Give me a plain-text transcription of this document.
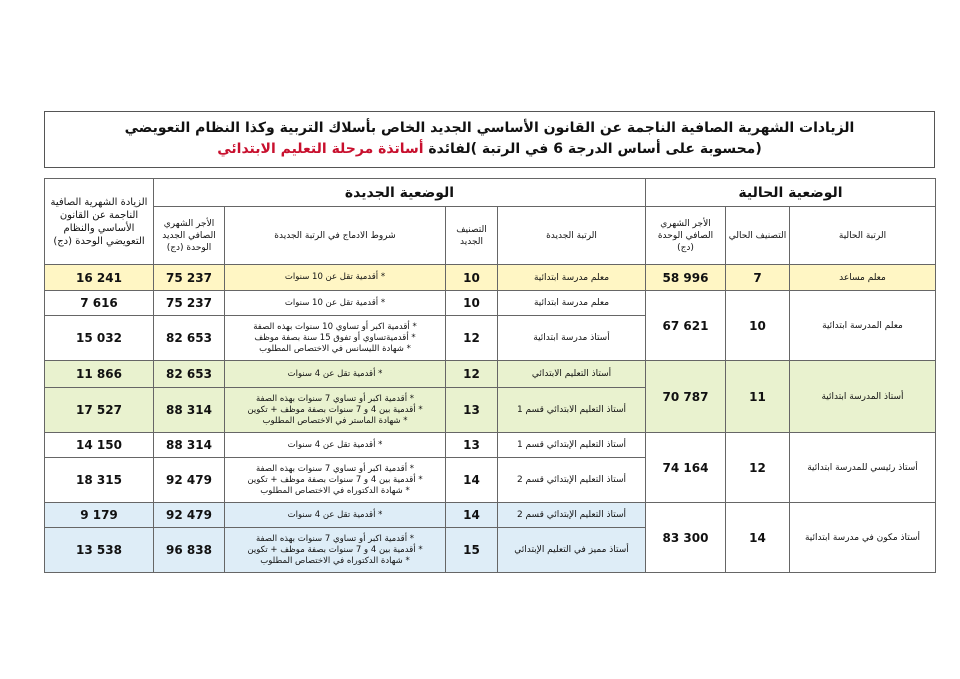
الزيادات الشهرية الصافية الناجمة عن القانون الأساسي الجديد الخاص بأسلاك التربية وكذا النظام التعويضي
(محسوبة على أساس الدرجة 6 في الرتبة )لفائدة أساتذة مرحلة التعليم الابتدائي
الوضعية الحالية			الوضعية الجديدة				الزيادة الشهرية الصافية الناجمة عن القانون الأساسي والنظام التعويضي الوحدة (دج)
الرتبة الحالية	التصنيف الحالي	الأجر الشهري الصافي الوحدة (دج)	الرتبة الجديدة	التصنيف الجديد	شروط الادماج في الرتبة الجديدة	الأجر الشهري الصافي الجديد الوحدة (دج)	
معلم مساعد	7	58 996	معلم مدرسة ابتدائية	10	* أقدمية تقل عن 10 سنوات	75 237	16 241
معلم المدرسة ابتدائية	10	67 621	معلم مدرسة ابتدائية	10	* أقدمية تقل عن 10 سنوات	75 237	7 616
			أستاذ مدرسة ابتدائية	12	* أقدمية اكبر أو تساوي 10 سنوات بهذه الصفة
* أقدميةتساوي أو تفوق 15 سنة بصفة موظف
* شهادة الليسانس في الاختصاص المطلوب	82 653	15 032
أستاذ المدرسة ابتدائية	11	70 787	أستاذ التعليم الابتدائي	12	* أقدمية تقل عن 4 سنوات	82 653	11 866
			أستاذ التعليم الابتدائي قسم 1	13	* أقدمية اكبر أو تساوي 7 سنوات بهذه الصفة
* أقدمية بين 4 و 7 سنوات بصفة موظف + تكوين
* شهادة الماستر في الاختصاص المطلوب	88 314	17 527
أستاذ رئيسي للمدرسة ابتدائية	12	74 164	أستاذ التعليم الإبتدائي قسم 1	13	* أقدمية تقل عن 4 سنوات	88 314	14 150
			أستاذ التعليم الإبتدائي قسم 2	14	* أقدمية اكبر أو تساوي 7 سنوات بهذه الصفة
* أقدمية بين 4 و 7 سنوات بصفة موظف + تكوين
* شهادة الدكتوراه في الاختصاص المطلوب	92 479	18 315
أستاذ مكون في مدرسة ابتدائية	14	83 300	أستاذ التعليم الإبتدائي قسم 2	14	* أقدمية تقل عن 4 سنوات	92 479	9 179
			أستاذ مميز في التعليم الإبتدائي	15	* أقدمية اكبر أو تساوي 7 سنوات بهذه الصفة
* أقدمية بين 4 و 7 سنوات بصفة موظف + تكوين
* شهادة الدكتوراه في الاختصاص المطلوب	96 838	13 538
